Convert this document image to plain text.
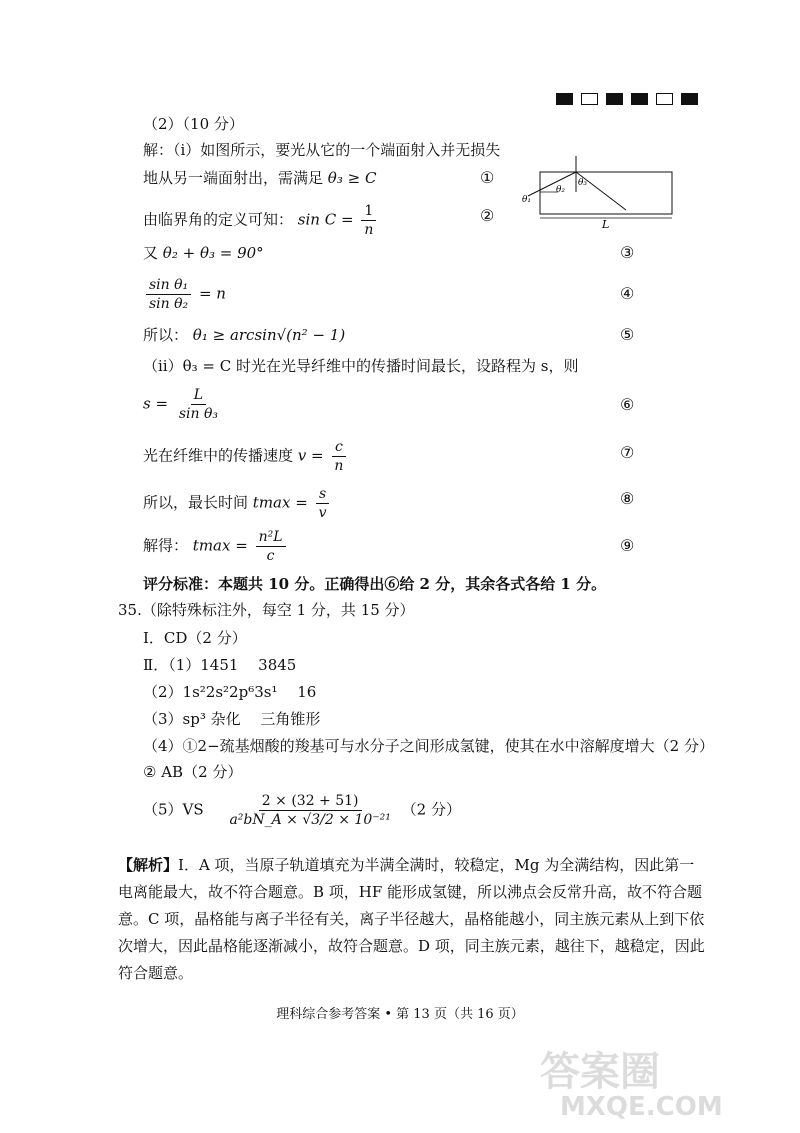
（2）（10 分）
解：（ⅰ）如图所示，要光从它的一个端面射入并无损失
地从另一端面射出，需满足 θ₃ ≥ C	①
由临界角的定义可知： $\sin C = \frac{1}{n}$	②
θ₁
θ₂
θ₃
L
又 θ₂ + θ₃ = 90°	③
$\frac{\text{sin θ₁}}{\text{sin θ₂}} = n$	④
所以： θ₁ ≥ arcsin√(n² − 1)	⑤
（ⅱ）θ₃ = C 时光在光导纤维中的传播时间最长，设路程为 s，则
$s = \frac{L}{\text{sin θ₃}}$	⑥
光在纤维中的传播速度 $v = \frac{c}{n}$	⑦
所以，最长时间 $tmax = \frac{s}{v}$	⑧
解得： $tmax = \frac{\text{n²L}}{c}$	⑨
评分标准：本题共 10 分。正确得出⑥给 2 分，其余各式各给 1 分。
35.（除特殊标注外，每空 1 分，共 15 分）
Ⅰ．CD（2 分）
Ⅱ．（1）1451　 3845
（2）1s²2s²2p⁶3s¹　 16
（3）sp³ 杂化　 三角锥形
（4）①2−巯基烟酸的羧基可与水分子之间形成氢键，使其在水中溶解度增大（2 分）
② AB（2 分）
$(5)VS \frac{2 \times (32 + 51)}{\text{a²bN\_A × √3/2 × 10⁻²¹}} (2$ 分）
【解析】Ⅰ．A 项，当原子轨道填充为半满全满时，较稳定，Mg 为全满结构，因此第一
电离能最大，故不符合题意。B 项，HF 能形成氢键，所以沸点会反常升高，故不符合题
意。C 项，晶格能与离子半径有关，离子半径越大，晶格能越小，同主族元素从上到下依
次增大，因此晶格能逐渐减小，故符合题意。D 项，同主族元素，越往下，越稳定，因此
符合题意。
理科综合参考答案 • 第 13 页（共 16 页）
答案圈
MXQE.COM
